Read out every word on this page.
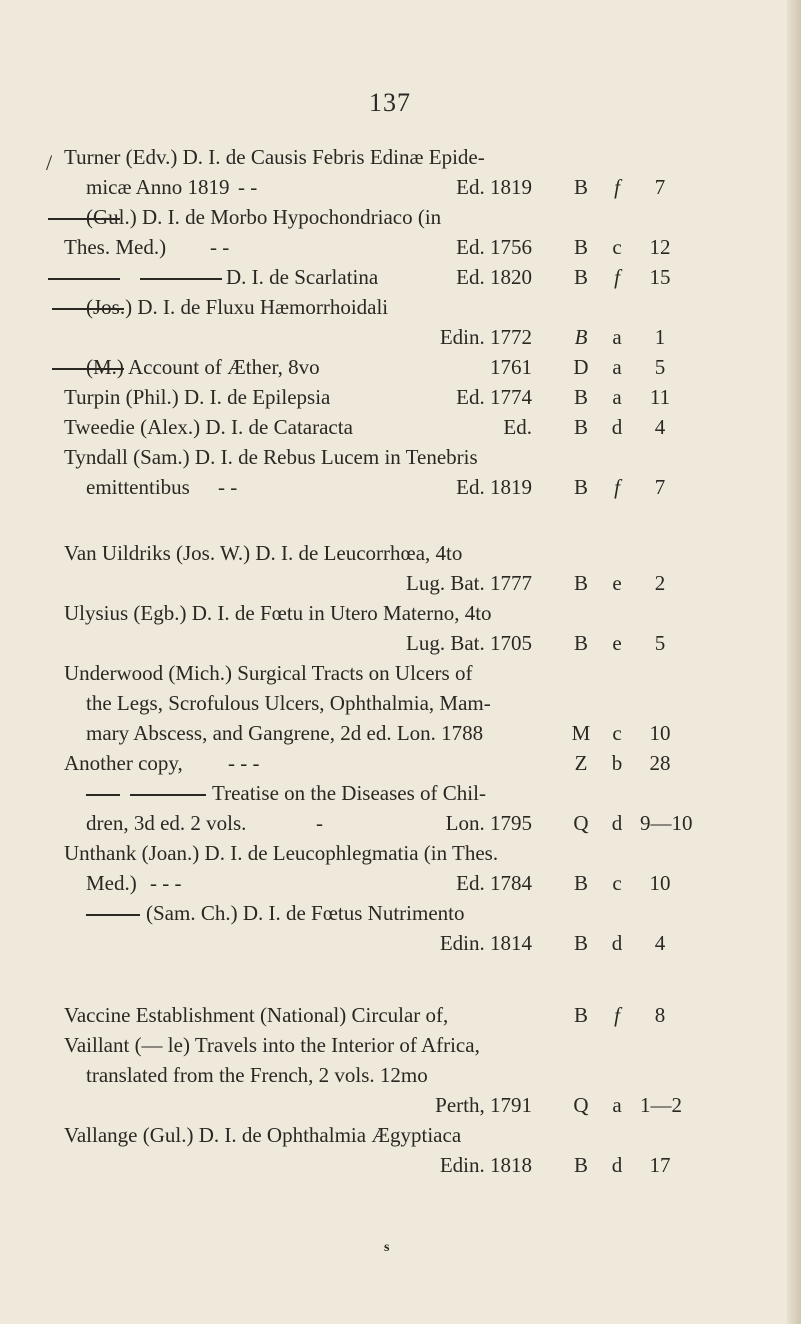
137
/ Turner (Edv.) D. I. de Causis Febris Edinæ Epide-
micæ Anno 1819 - -	Ed. 1819 B	f	7
(Gul.) D. I. de Morbo Hypochondriaco (in
Thes. Med.) - -	Ed. 1756 B c	12
D. I. de Scarlatina	Ed. 1820 B	f	15
(Jos.) D. I. de Fluxu Hæmorrhoidali
Edin. 1772 B a	1
(M.) Account of Æther, 8vo	1761 D a	5
Turpin (Phil.) D. I. de Epilepsia	Ed. 1774 B a	11
Tweedie (Alex.) D. I. de Cataracta	Ed. B d	4
Tyndall (Sam.) D. I. de Rebus Lucem in Tenebris
emittentibus - -	Ed. 1819 B	f	7
Van Uildriks (Jos. W.) D. I. de Leucorrhœa, 4to
Lug. Bat. 1777 B e	2
Ulysius (Egb.) D. I. de Fœtu in Utero Materno, 4to
Lug. Bat. 1705 B e	5
Underwood (Mich.) Surgical Tracts on Ulcers of
the Legs, Scrofulous Ulcers, Ophthalmia, Mam-
mary Abscess, and Gangrene, 2d ed. Lon. 1788	M c	10
Another copy, - - -	Z b	28
Treatise on the Diseases of Chil-
dren, 3d ed. 2 vols.	-	Lon. 1795 Q d 9—10
Unthank (Joan.) D. I. de Leucophlegmatia (in Thes.
Med.) - - -	Ed. 1784 B c	10
(Sam. Ch.) D. I. de Fœtus Nutrimento
Edin. 1814 B d	4
Vaccine Establishment (National) Circular of,	B	f	8
Vaillant (— le) Travels into the Interior of Africa,
translated from the French, 2 vols. 12mo
Perth, 1791 Q a 1—2
Vallange (Gul.) D. I. de Ophthalmia Ægyptiaca
Edin. 1818 B d	17
s
